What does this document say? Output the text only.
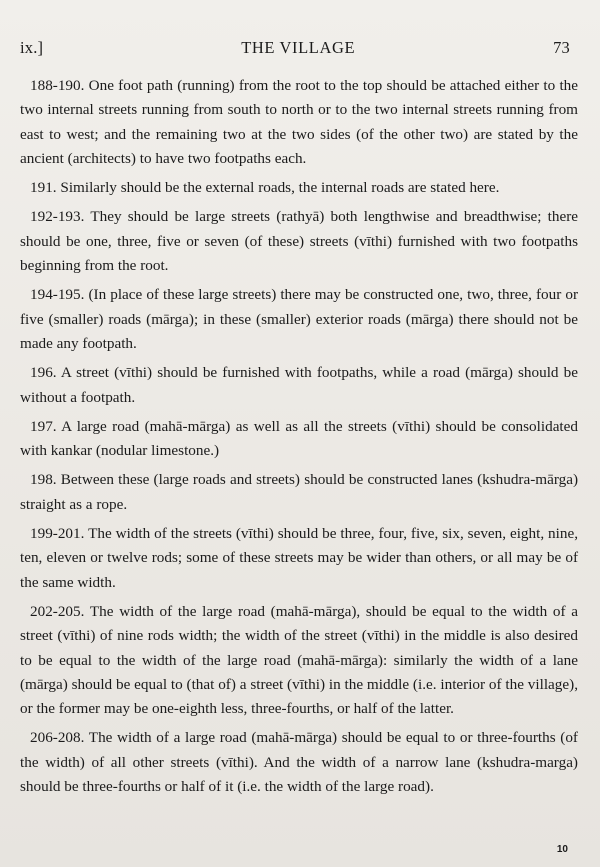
ix.]	THE VILLAGE	73

188-190. One foot path (running) from the root to the top should be attached either to the two internal streets running from south to north or to the two internal streets running from east to west; and the remaining two at the two sides (of the other two) are stated by the ancient (architects) to have two footpaths each.

191. Similarly should be the external roads, the internal roads are stated here.

192-193. They should be large streets (rathyā) both lengthwise and breadthwise; there should be one, three, five or seven (of these) streets (vīthi) furnished with two footpaths beginning from the root.

194-195. (In place of these large streets) there may be constructed one, two, three, four or five (smaller) roads (mārga); in these (smaller) exterior roads (mārga) there should not be made any footpath.

196. A street (vīthi) should be furnished with footpaths, while a road (mārga) should be without a footpath.

197. A large road (mahā-mārga) as well as all the streets (vīthi) should be consolidated with kankar (nodular limestone.)

198. Between these (large roads and streets) should be constructed lanes (kshudra-mārga) straight as a rope.

199-201. The width of the streets (vīthi) should be three, four, five, six, seven, eight, nine, ten, eleven or twelve rods; some of these streets may be wider than others, or all may be of the same width.

202-205. The width of the large road (mahā-mārga), should be equal to the width of a street (vīthi) of nine rods width; the width of the street (vīthi) in the middle is also desired to be equal to the width of the large road (mahā-mārga): similarly the width of a lane (mārga) should be equal to (that of) a street (vīthi) in the middle (i.e. interior of the village), or the former may be one-eighth less, three-fourths, or half of the latter.

206-208. The width of a large road (mahā-mārga) should be equal to or three-fourths (of the width) of all other streets (vīthi). And the width of a narrow lane (kshudra-marga) should be three-fourths or half of it (i.e. the width of the large road).

10
